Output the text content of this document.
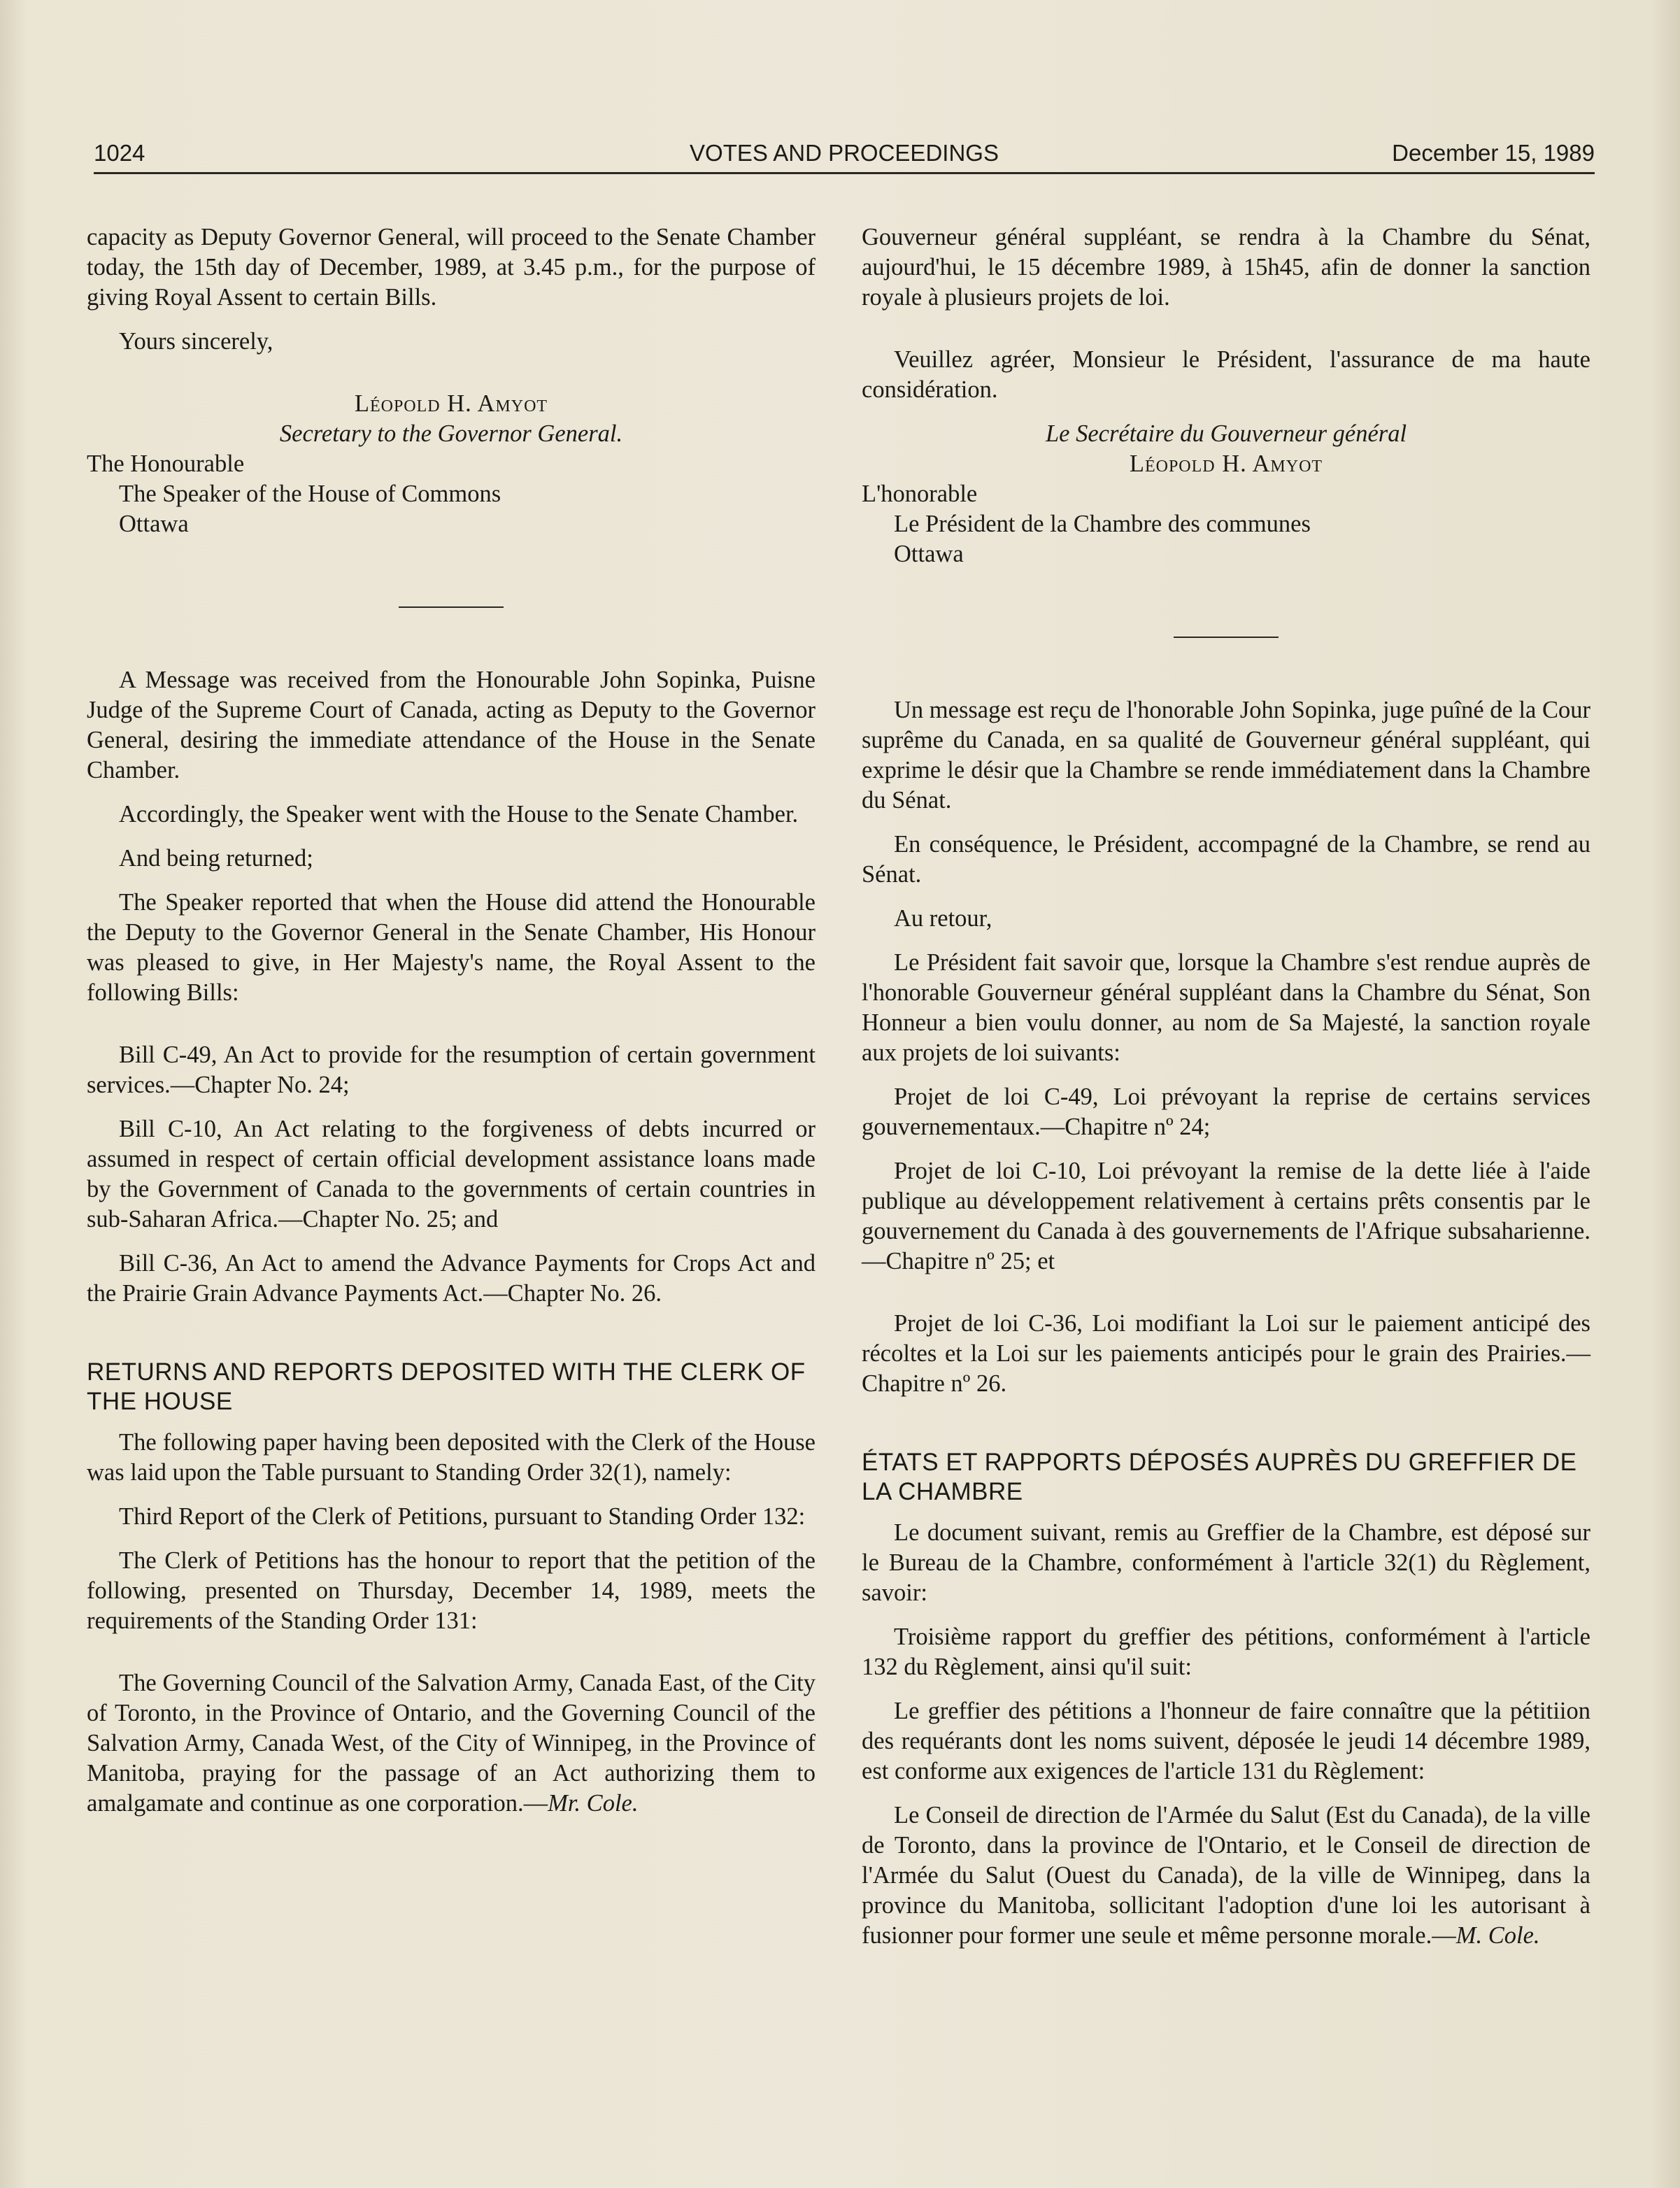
1024	VOTES AND PROCEEDINGS	December 15, 1989

capacity as Deputy Governor General, will proceed to the Senate Chamber today, the 15th day of December, 1989, at 3.45 p.m., for the purpose of giving Royal Assent to certain Bills.

Yours sincerely,

Léopold H. Amyot

Secretary to the Governor General.

The Honourable

The Speaker of the House of Commons

Ottawa

A Message was received from the Honourable John Sopinka, Puisne Judge of the Supreme Court of Canada, acting as Deputy to the Governor General, desiring the immediate attendance of the House in the Senate Chamber.

Accordingly, the Speaker went with the House to the Senate Chamber.

And being returned;

The Speaker reported that when the House did attend the Honourable the Deputy to the Governor General in the Senate Chamber, His Honour was pleased to give, in Her Majesty's name, the Royal Assent to the following Bills:

Bill C-49, An Act to provide for the resumption of certain government services.—Chapter No. 24;

Bill C-10, An Act relating to the forgiveness of debts incurred or assumed in respect of certain official development assistance loans made by the Government of Canada to the governments of certain countries in sub-Saharan Africa.—Chapter No. 25; and

Bill C-36, An Act to amend the Advance Payments for Crops Act and the Prairie Grain Advance Payments Act.—Chapter No. 26.

RETURNS AND REPORTS DEPOSITED WITH THE CLERK OF THE HOUSE

The following paper having been deposited with the Clerk of the House was laid upon the Table pursuant to Standing Order 32(1), namely:

Third Report of the Clerk of Petitions, pursuant to Standing Order 132:

The Clerk of Petitions has the honour to report that the petition of the following, presented on Thursday, December 14, 1989, meets the requirements of the Standing Order 131:

The Governing Council of the Salvation Army, Canada East, of the City of Toronto, in the Province of Ontario, and the Governing Council of the Salvation Army, Canada West, of the City of Winnipeg, in the Province of Manitoba, praying for the passage of an Act authorizing them to amalgamate and continue as one corporation.—Mr. Cole.

Gouverneur général suppléant, se rendra à la Chambre du Sénat, aujourd'hui, le 15 décembre 1989, à 15h45, afin de donner la sanction royale à plusieurs projets de loi.

Veuillez agréer, Monsieur le Président, l'assurance de ma haute considération.

Le Secrétaire du Gouverneur général

Léopold H. Amyot

L'honorable

Le Président de la Chambre des communes

Ottawa

Un message est reçu de l'honorable John Sopinka, juge puîné de la Cour suprême du Canada, en sa qualité de Gouverneur général suppléant, qui exprime le désir que la Chambre se rende immédiatement dans la Chambre du Sénat.

En conséquence, le Président, accompagné de la Chambre, se rend au Sénat.

Au retour,

Le Président fait savoir que, lorsque la Chambre s'est rendue auprès de l'honorable Gouverneur général suppléant dans la Chambre du Sénat, Son Honneur a bien voulu donner, au nom de Sa Majesté, la sanction royale aux projets de loi suivants:

Projet de loi C-49, Loi prévoyant la reprise de certains services gouvernementaux.—Chapitre nº 24;

Projet de loi C-10, Loi prévoyant la remise de la dette liée à l'aide publique au développement relativement à certains prêts consentis par le gouvernement du Canada à des gouvernements de l'Afrique subsaharienne.—Chapitre nº 25; et

Projet de loi C-36, Loi modifiant la Loi sur le paiement anticipé des récoltes et la Loi sur les paiements anticipés pour le grain des Prairies.—Chapitre nº 26.

ÉTATS ET RAPPORTS DÉPOSÉS AUPRÈS DU GREFFIER DE LA CHAMBRE

Le document suivant, remis au Greffier de la Chambre, est déposé sur le Bureau de la Chambre, conformément à l'article 32(1) du Règlement, savoir:

Troisième rapport du greffier des pétitions, conformément à l'article 132 du Règlement, ainsi qu'il suit:

Le greffier des pétitions a l'honneur de faire connaître que la pétitiion des requérants dont les noms suivent, déposée le jeudi 14 décembre 1989, est conforme aux exigences de l'article 131 du Règlement:

Le Conseil de direction de l'Armée du Salut (Est du Canada), de la ville de Toronto, dans la province de l'Ontario, et le Conseil de direction de l'Armée du Salut (Ouest du Canada), de la ville de Winnipeg, dans la province du Manitoba, sollicitant l'adoption d'une loi les autorisant à fusionner pour former une seule et même personne morale.—M. Cole.
